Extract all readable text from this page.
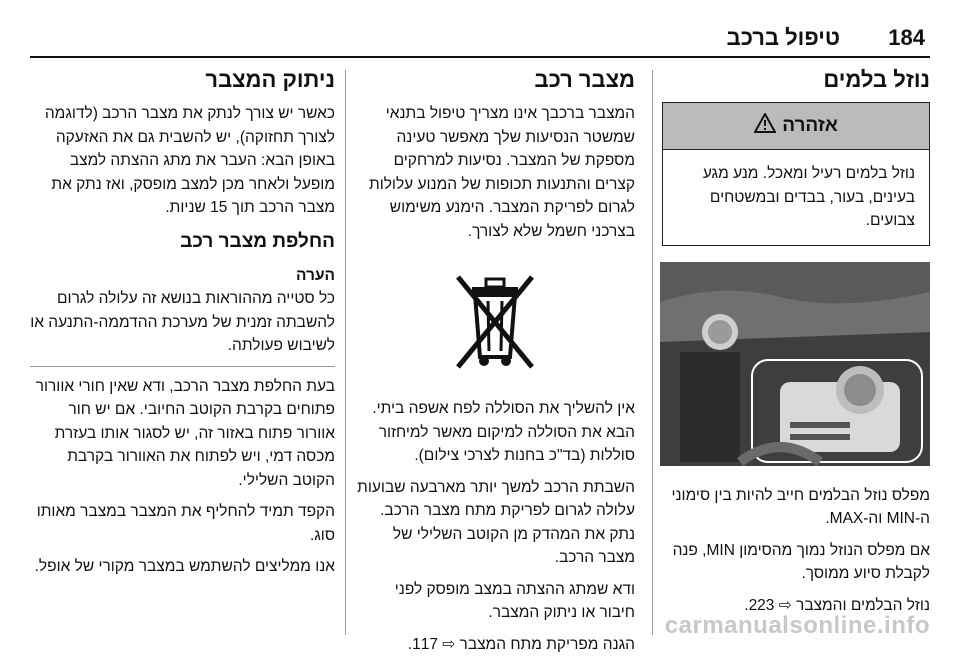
184
טיפול ברכב
נוזל בלמים
אזהרה
נוזל בלמים רעיל ומאכל. מנע מגע בעינים, בעור, בבדים ובמשטחים צבועים.

מפלס נוזל הבלמים חייב להיות בין סימוני ה-MIN וה-MAX.

אם מפלס הנוזל נמוך מהסימון MIN, פנה לקבלת סיוע ממוסך.

נוזל הבלמים והמצבר ⇨ 223.

מצבר רכב

המצבר ברכבך אינו מצריך טיפול בתנאי שמשטר הנסיעות שלך מאפשר טעינה מספקת של המצבר. נסיעות למרחקים קצרים והתנעות תכופות של המנוע עלולות לגרום לפריקת המצבר. הימנע משימוש בצרכני חשמל שלא לצורך.

אין להשליך את הסוללה לפח אשפה ביתי. הבא את הסוללה למיקום מאשר למיחזור סוללות (בד"כ בחנות לצרכי צילום).

השבתת הרכב למשך יותר מארבעה שבועות עלולה לגרום לפריקת מתח מצבר הרכב. נתק את המהדק מן הקוטב השלילי של מצבר הרכב.

ודא שמתג ההצתה במצב מופסק לפני חיבור או ניתוק המצבר.

הגנה מפריקת מתח המצבר ⇨ 117.

ניתוק המצבר

כאשר יש צורך לנתק את מצבר הרכב (לדוגמה לצורך תחזוקה), יש להשבית גם את האזעקה באופן הבא: העבר את מתג ההצתה למצב מופעל ולאחר מכן למצב מופסק, ואז נתק את מצבר הרכב תוך 15 שניות.

החלפת מצבר רכב

הערה

כל סטייה מההוראות בנושא זה עלולה לגרום להשבתה זמנית של מערכת ההדממה-התנעה או לשיבוש פעולתה.

בעת החלפת מצבר הרכב, ודא שאין חורי אוורור פתוחים בקרבת הקוטב החיובי. אם יש חור אוורור פתוח באזור זה, יש לסגור אותו בעזרת מכסה דמי, ויש לפתוח את האוורור בקרבת הקוטב השלילי.

הקפד תמיד להחליף את המצבר במצבר מאותו סוג.

אנו ממליצים להשתמש במצבר מקורי של אופל.

carmanualsonline.info
